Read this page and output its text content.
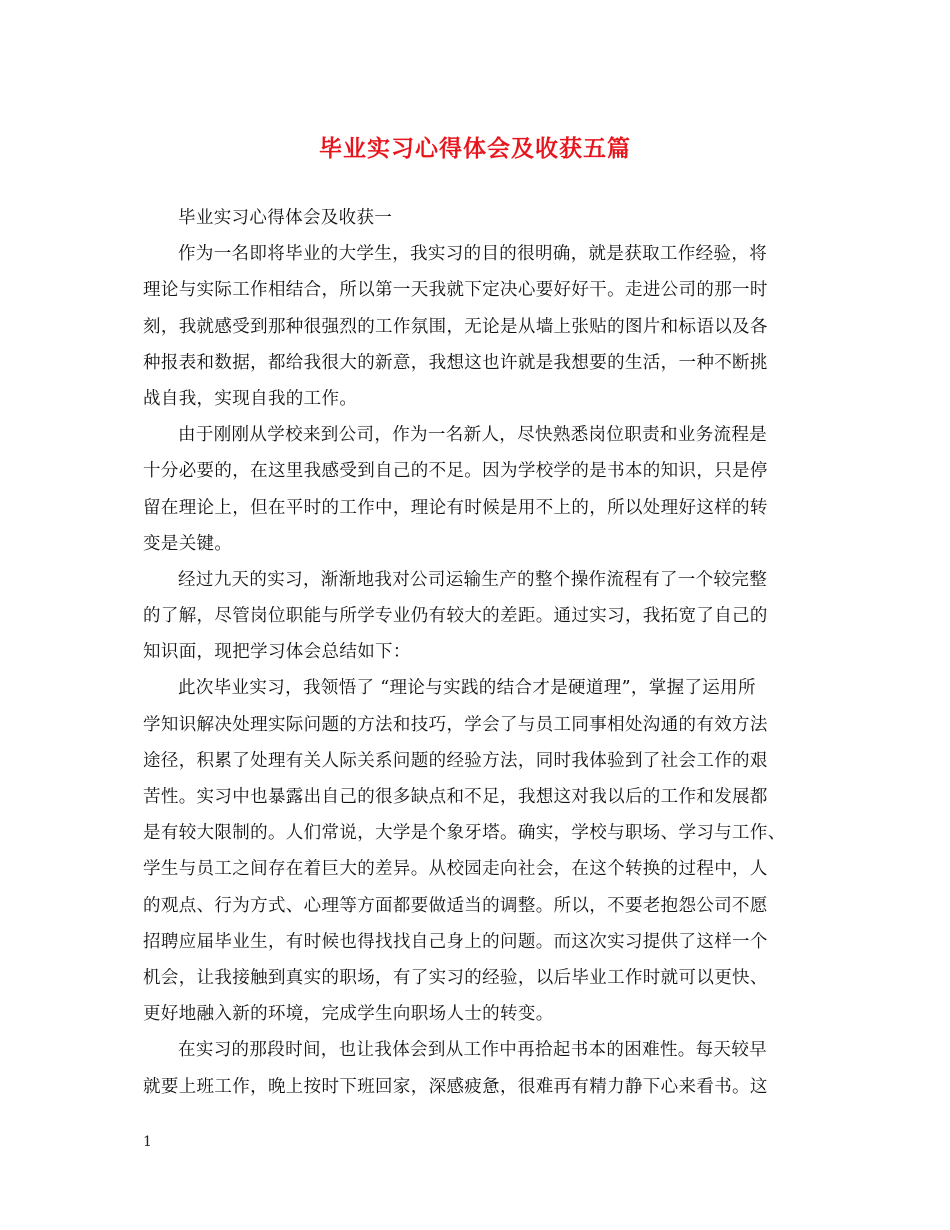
毕业实习心得体会及收获五篇
毕业实习心得体会及收获一
作为一名即将毕业的大学生，我实习的目的很明确，就是获取工作经验，将
理论与实际工作相结合，所以第一天我就下定决心要好好干。走进公司的那一时
刻，我就感受到那种很强烈的工作氛围，无论是从墙上张贴的图片和标语以及各
种报表和数据，都给我很大的新意，我想这也许就是我想要的生活，一种不断挑
战自我，实现自我的工作。
由于刚刚从学校来到公司，作为一名新人，尽快熟悉岗位职责和业务流程是
十分必要的，在这里我感受到自己的不足。因为学校学的是书本的知识，只是停
留在理论上，但在平时的工作中，理论有时候是用不上的，所以处理好这样的转
变是关键。
经过九天的实习，渐渐地我对公司运输生产的整个操作流程有了一个较完整
的了解，尽管岗位职能与所学专业仍有较大的差距。通过实习，我拓宽了自己的
知识面，现把学习体会总结如下：
此次毕业实习，我领悟了 “理论与实践的结合才是硬道理”，掌握了运用所
学知识解决处理实际问题的方法和技巧，学会了与员工同事相处沟通的有效方法
途径，积累了处理有关人际关系问题的经验方法，同时我体验到了社会工作的艰
苦性。实习中也暴露出自己的很多缺点和不足，我想这对我以后的工作和发展都
是有较大限制的。人们常说，大学是个象牙塔。确实，学校与职场、学习与工作、
学生与员工之间存在着巨大的差异。从校园走向社会，在这个转换的过程中，人
的观点、行为方式、心理等方面都要做适当的调整。所以，不要老抱怨公司不愿
招聘应届毕业生，有时候也得找找自己身上的问题。而这次实习提供了这样一个
机会，让我接触到真实的职场，有了实习的经验，以后毕业工作时就可以更快、
更好地融入新的环境，完成学生向职场人士的转变。
在实习的那段时间，也让我体会到从工作中再拾起书本的困难性。每天较早
就要上班工作，晚上按时下班回家，深感疲惫，很难再有精力静下心来看书。这
1
